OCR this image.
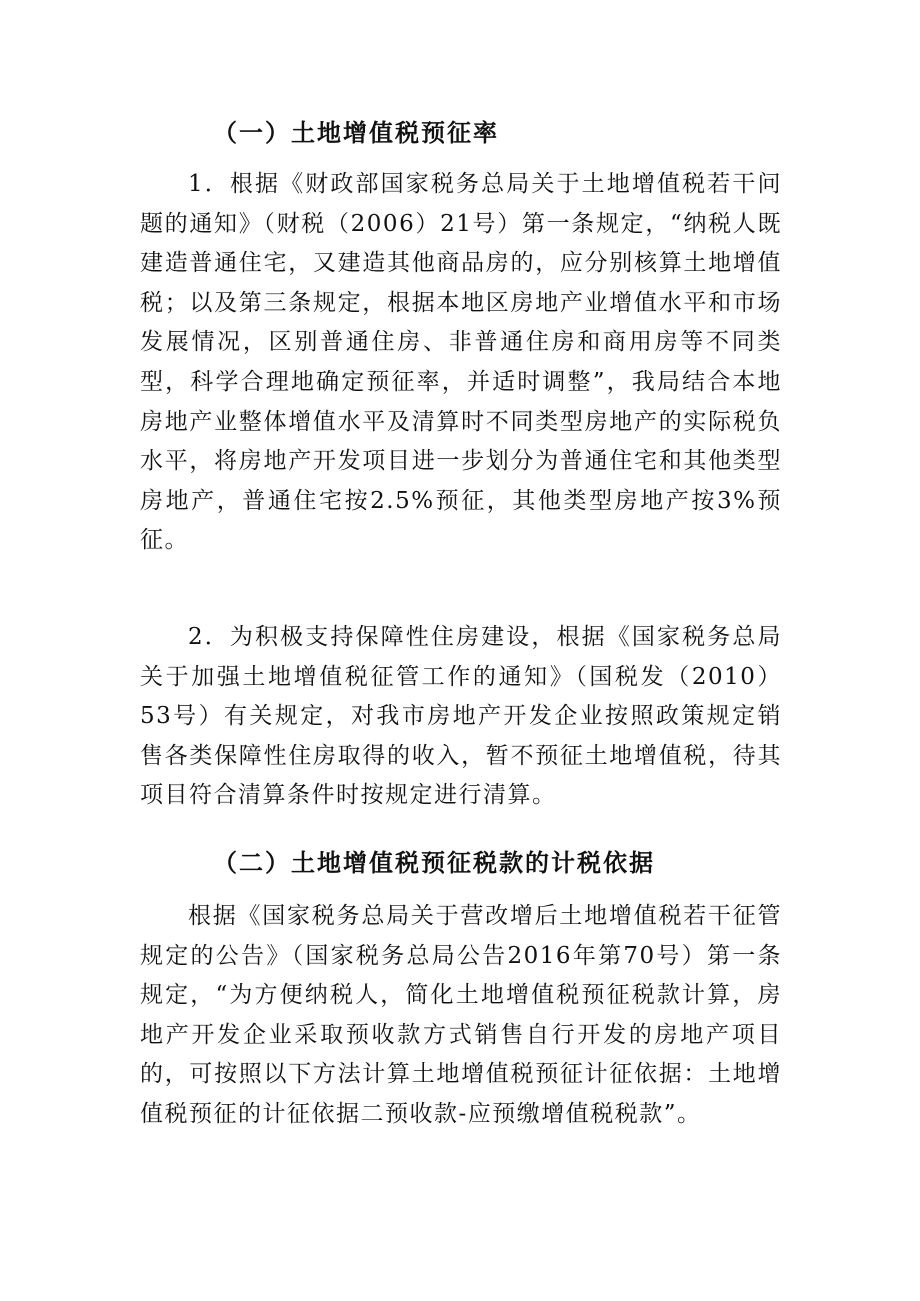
（一）土地增值税预征率

1．根据《财政部国家税务总局关于土地增值税若干问题的通知》（财税（2006）21号）第一条规定，“纳税人既建造普通住宅，又建造其他商品房的，应分别核算土地增值税；以及第三条规定，根据本地区房地产业增值水平和市场发展情况，区别普通住房、非普通住房和商用房等不同类型，科学合理地确定预征率，并适时调整”，我局结合本地房地产业整体增值水平及清算时不同类型房地产的实际税负水平，将房地产开发项目进一步划分为普通住宅和其他类型房地产，普通住宅按2.5%预征，其他类型房地产按3%预征。

2．为积极支持保障性住房建设，根据《国家税务总局关于加强土地增值税征管工作的通知》（国税发（2010）53号）有关规定，对我市房地产开发企业按照政策规定销售各类保障性住房取得的收入，暂不预征土地增值税，待其项目符合清算条件时按规定进行清算。

（二）土地增值税预征税款的计税依据

根据《国家税务总局关于营改增后土地增值税若干征管规定的公告》（国家税务总局公告2016年第70号）第一条规定，“为方便纳税人，简化土地增值税预征税款计算，房地产开发企业采取预收款方式销售自行开发的房地产项目的，可按照以下方法计算土地增值税预征计征依据：土地增值税预征的计征依据二预收款-应预缴增值税税款”。
